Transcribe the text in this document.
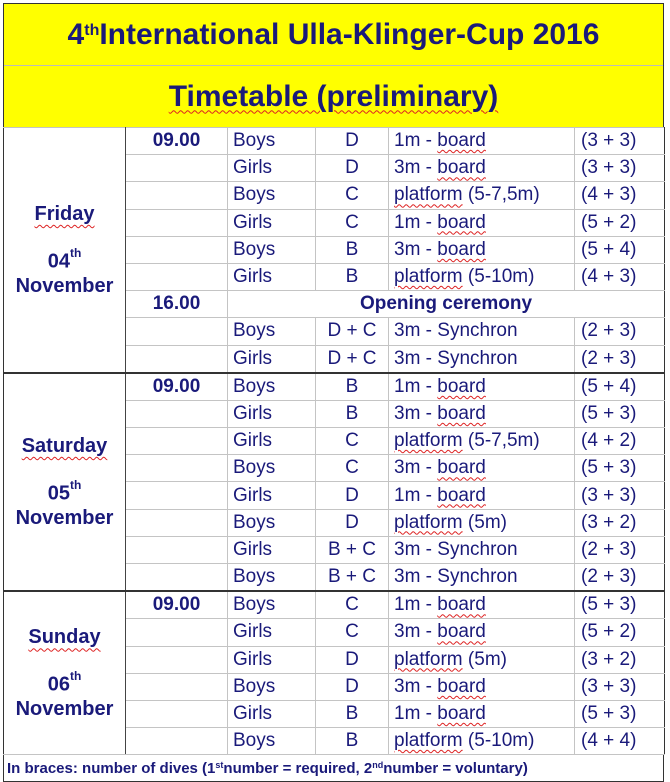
4th International Ulla-Klinger-Cup 2016
Timetable (preliminary)
Friday
04th
November	09.00	Boys	D	1m - board	(3 + 3)
		Girls	D	3m - board	(3 + 3)
		Boys	C	platform (5-7,5m)	(4 + 3)
		Girls	C	1m - board	(5 + 2)
		Boys	B	3m - board	(5 + 4)
		Girls	B	platform (5-10m)	(4 + 3)
	16.00	Opening ceremony			
		Boys	D + C	3m - Synchron	(2 + 3)
		Girls	D + C	3m - Synchron	(2 + 3)

Saturday
05th
November	09.00	Boys	B	1m - board	(5 + 4)
		Girls	B	3m - board	(5 + 3)
		Girls	C	platform (5-7,5m)	(4 + 2)
		Boys	C	3m - board	(5 + 3)
		Girls	D	1m - board	(3 + 3)
		Boys	D	platform (5m)	(3 + 2)
		Girls	B + C	3m - Synchron	(2 + 3)
		Boys	B + C	3m - Synchron	(2 + 3)

Sunday
06th
November	09.00	Boys	C	1m - board	(5 + 3)
		Girls	C	3m - board	(5 + 2)
		Girls	D	platform (5m)	(3 + 2)
		Boys	D	3m - board	(3 + 3)
		Girls	B	1m - board	(5 + 3)
		Boys	B	platform (5-10m)	(4 + 4)
In braces: number of dives (1st number = required, 2nd number = voluntary)
